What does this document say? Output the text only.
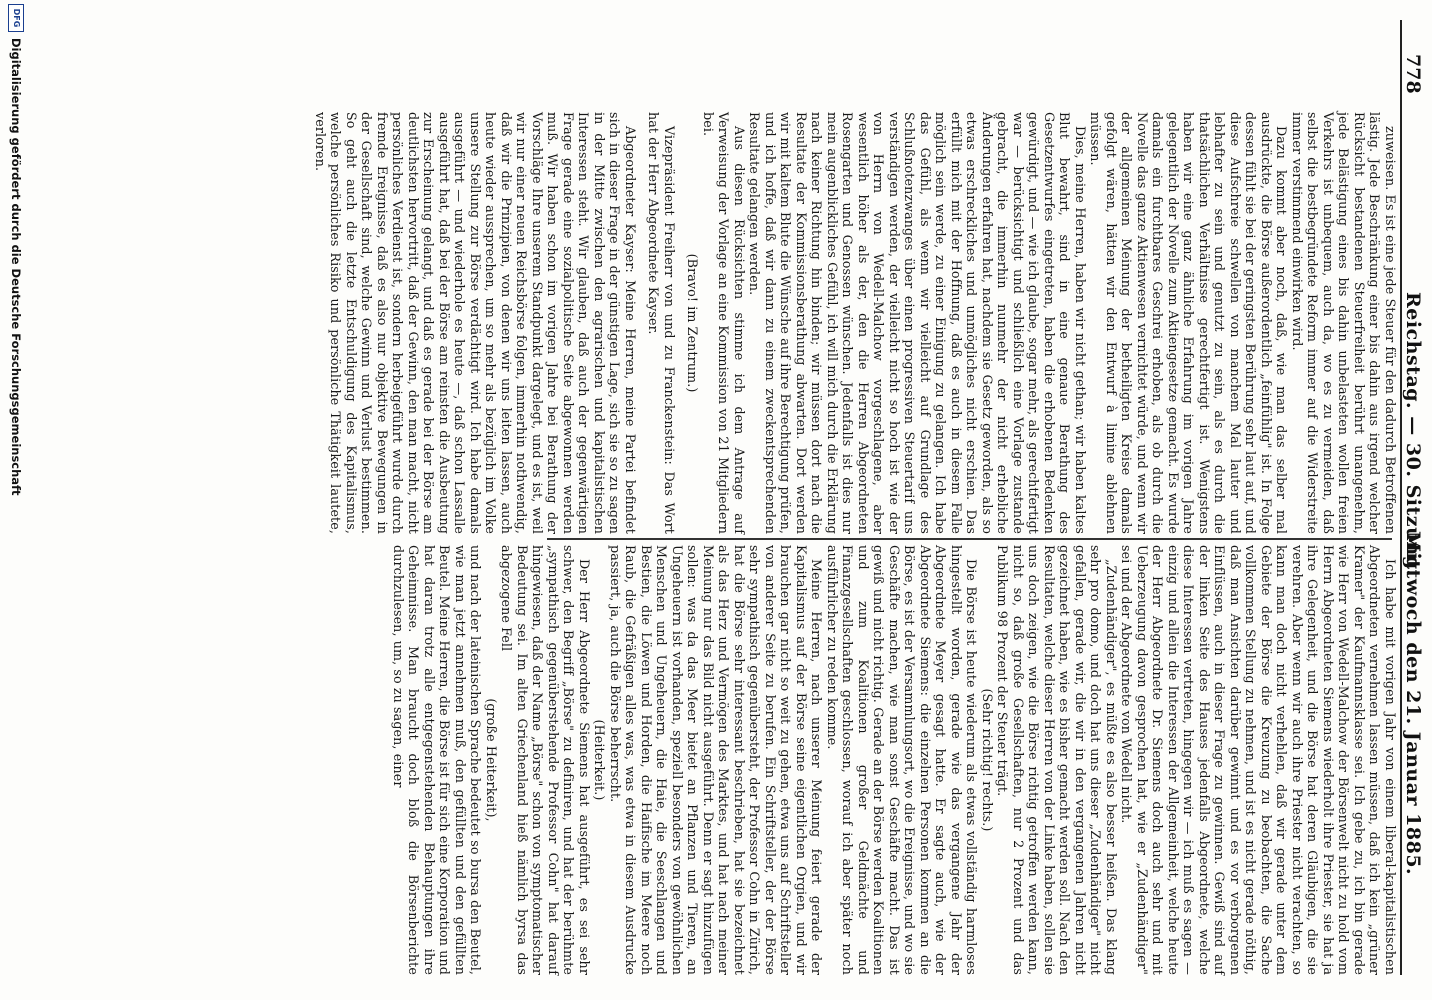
778
Reichstag. — 30. Sitzung.
Mittwoch den 21. Januar 1885.

zuweisen. Es ist eine jede Steuer für den dadurch Betroffenen lästig. Jede Beschränkung einer bis dahin aus irgend welcher Rücksicht bestandenen Steuerfreiheit berührt unangenehm, jede Belästigung eines bis dahin unbelasteten wollen freien Verkehrs ist unbequem, auch da, wo es zu vermeiden, daß selbst die bestbegründete Reform immer auf die Widerstreite immer verstimmend einwirken wird.

Dazu kommt aber noch, daß, wie man das selber mal ausdrückte, die Börse außerordentlich „feinfühlig" ist. In Folge dessen fühlt sie bei der geringsten Berührung sehr laut auf, und diese Aufschreie schwellen von manchem Mal lauter und lebhafter zu sein und genutzt zu sein, als es durch die thatsächlichen Verhältnisse gerechtfertigt ist. Wenigstens haben wir eine ganz ähnliche Erfahrung im vorigen Jahre gelegentlich der Novelle zum Aktiengesetze gemacht. Es wurde damals ein furchtbares Geschrei erhoben, als ob durch die Novelle das ganze Aktienwesen vernichtet würde, und wenn wir der allgemeinen Meinung der betheiligten Kreise damals gefolgt wären, hätten wir den Entwurf à limine ablehnen müssen.

Dies, meine Herren, haben wir nicht gethan; wir haben kaltes Blut bewahrt, sind in eine genaue Berathung des Gesetzentwurfes eingetreten, haben die erhobenen Bedenken gewürdigt, und — wie ich glaube, sogar mehr, als gerechtfertigt war — berücksichtigt und schließlich eine Vorlage zustande gebracht, die immerhin nunmehr der nicht erhebliche Änderungen erfahren hat, nachdem sie Gesetz geworden, als so etwas erschreckliches und unmögliches nicht erschien. Das erfüllt mich mit der Hoffnung, daß es auch in diesem Falle möglich sein werde, zu einer Einigung zu gelangen. Ich habe das Gefühl, als wenn wir vielleicht auf Grundlage des Schlußnotenzwanges über einen progressiven Steuertarif uns verständigen werden, der vielleicht nicht so hoch ist wie der von Herrn von Wedell-Malchow vorgeschlagene, aber wesentlich höher als der, den die Herren Abgeordneten Rosengarten und Genossen wünschen. Jedenfalls ist dies nur mein augenblickliches Gefühl, ich will mich durch die Erklärung nach keiner Richtung hin binden; wir müssen dort nach die Resultate der Kommissionsberathung abwarten. Dort werden wir mit kaltem Blute die Wünsche auf ihre Berechtigung prüfen, und ich hoffe, daß wir dann zu einem zweckentsprechenden Resultate gelangen werden.

Aus diesen Rücksichten stimme ich dem Antrage auf Verweisung der Vorlage an eine Kommission von 21 Mitgliedern bei.

(Bravo! im Zentrum.)

Vizepräsident Freiherr von und zu Franckenstein: Das Wort hat der Herr Abgeordnete Kayser.

Abgeordneter Kayser: Meine Herren, meine Partei befindet sich in dieser Frage in der günstigen Lage, sich sie so zu sagen in der Mitte zwischen den agrarischen und kapitalistischen Interessen steht. Wir glauben, daß auch der gegenwärtigen Frage gerade eine sozialpolitische Seite abgewonnen werden muß. Wir haben schon im vorigen Jahre bei Berathung der Vorschläge Ihre unserem Standpunkt dargelegt, und es ist, weil wir nur einer neuen Reichsbörse folgen, immerhin nothwendig, daß wir die Prinzipien, von denen wir uns leiten lassen, auch heute wieder aussprechen, um so mehr als bezüglich im Volke unsere Stellung zur Börse verdächtigt wird. Ich habe damals ausgeführt — und wiederhole es heute —, daß schon Lassalle ausgeführt hat, daß bei der Börse am reinsten die Ausbeutung zur Erscheinung gelangt, und daß es gerade bei der Börse am deutlichsten hervortritt, daß der Gewinn, den man macht, nicht persönliches Verdienst ist, sondern herbeigeführt wurde durch fremde Ereignisse, daß es also nur objektive Bewegungen in der Gesellschaft sind, welche Gewinn und Verlust bestimmen. So geht auch die letzte Entschuldigung des Kapitalismus, welche persönliches Risiko und persönliche Thätigkeit lautete, verloren.

Ich habe mit vorigen Jahr von einem liberal-kapitalistischen Abgeordneten vernehmen lassen müssen, daß ich kein „grüner Kramer" der Kaufmannsklasse sei. Ich gebe zu, ich bin gerade wie Herr von Wedell-Malchow der Börsenwelt nicht zu hold vom Herrn Abgeordneten Siemens wiederholt ihre Priester, sie hat ja ihre Gelegenheit, und die Börse hat deren Gläubigen, die sie verehren. Aber wenn wir auch ihre Priester nicht verachten, so kann man doch nicht verhehlen, daß wir gerade unter dem Gebiete der Börse die Kreuzung zu beobachten, die Sache vollkommen Stellung zu nehmen, und ist es nicht gerade nöthig, daß man Ansichten darüber gewinnt und es vor verborgenen Einflüssen, auch in dieser Frage zu gewinnen. Gewiß sind auf der linken Seite des Hauses jedenfalls Abgeordnete, welche diese Interessen vertreten, hingegen wir — ich muß es sagen — einzig und allein die Interessen der Allgemeinheit, welche heute der Herr Abgeordnete Dr. Siemens doch auch sehr und mit Ueberzeugung davon gesprochen hat, wie er „Zudenhändiger" sei und der Abgeordnete von Wedell nicht.

„Zudenhändiger", es müßte es also besser heißen. Das klang sehr pro domo, und doch hat uns dieser „Zudenhändiger" nicht gefallen, gerade wir, die wir in den vergangenen Jahren nicht gezeichnet haben, wie es bisher gemacht werden soll. Nach den Resultaten, welche dieser Herren von der Linke haben, sollen sie uns doch zeigen, wie die Börse richtig getroffen werden kann, nicht so, daß große Gesellschaften, nur 2 Prozent und das Publikum 98 Prozent der Steuer trägt.

(Sehr richtig! rechts.)

Die Börse ist heute wiederum als etwas vollständig harmloses hingestellt worden, gerade wie das vergangene Jahr der Abgeordnete Meyer gesagt hatte. Er sagte auch, wie der Abgeordnete Siemens: die einzelnen Personen kommen an die Börse, es ist der Versammlungsort, wo die Ereignisse, und wo sie Geschäfte machen, wie man sonst Geschäfte macht. Das ist gewiß und nicht richtig. Gerade an der Börse werden Koalitionen und zum Koalitionen großer Geldmächte und Finanzgesellschaften geschlossen, worauf ich aber später noch ausführlicher zu reden komme.

Meine Herren, nach unserer Meinung feiert gerade der Kapitalismus auf der Börse seine eigentlichen Orgien, und wir brauchen gar nicht so weit zu gehen, etwa uns auf Schriftsteller von anderer Seite zu berufen. Ein Schriftsteller, der der Börse sehr sympathisch gegenübersteht, der Professor Cohn in Zürich, hat die Börse sehr interessant beschrieben, hat sie bezeichnet als das Herz und Vermögen des Marktes, und hat nach meiner Meinung nur das Bild nicht ausgeführt. Denn er sagt hinzufügen sollen: was da das Meer bietet an Pflanzen und Tieren, an Ungeheuern ist vorhanden, speziell besonders von gewöhnlichen Menschen und Ungeheuern, die Haie, die Seeschlangen und Bestien, die Löwen und Horden, die Haifische im Meere noch Raub, die Gefräßigen alles was, was etwa in diesem Ausdrucke passiert, ja, auch die Börse beherrscht.

(Heiterkeit.)

Der Herr Abgeordnete Siemens hat ausgeführt, es sei sehr schwer, den Begriff „Börse" zu definiren, und hat der berühmte „sympathisch gegenüberstehende Professor Cohn" hat darauf hingewiesen, daß der Name „Börse" schon von symptomatischer Bedeutung sei. Im alten Griechenland hieß nämlich byrsa das abgezogene Fell

(große Heiterkeit),

und nach der lateinischen Sprache bedeutet so bursa den Beutel, wie man jetzt annehmen muß, den gefüllten und den gefüllten Beutel. Meine Herren, die Börse ist für sich eine Korporation und hat daran trotz alle entgegenstehenden Behauptungen ihre Geheimnisse. Man braucht doch bloß die Börsenberichte durchzulesen, um, so zu sagen, einer

DFG
Digitalisierung gefördert durch die Deutsche Forschungsgemeinschaft
